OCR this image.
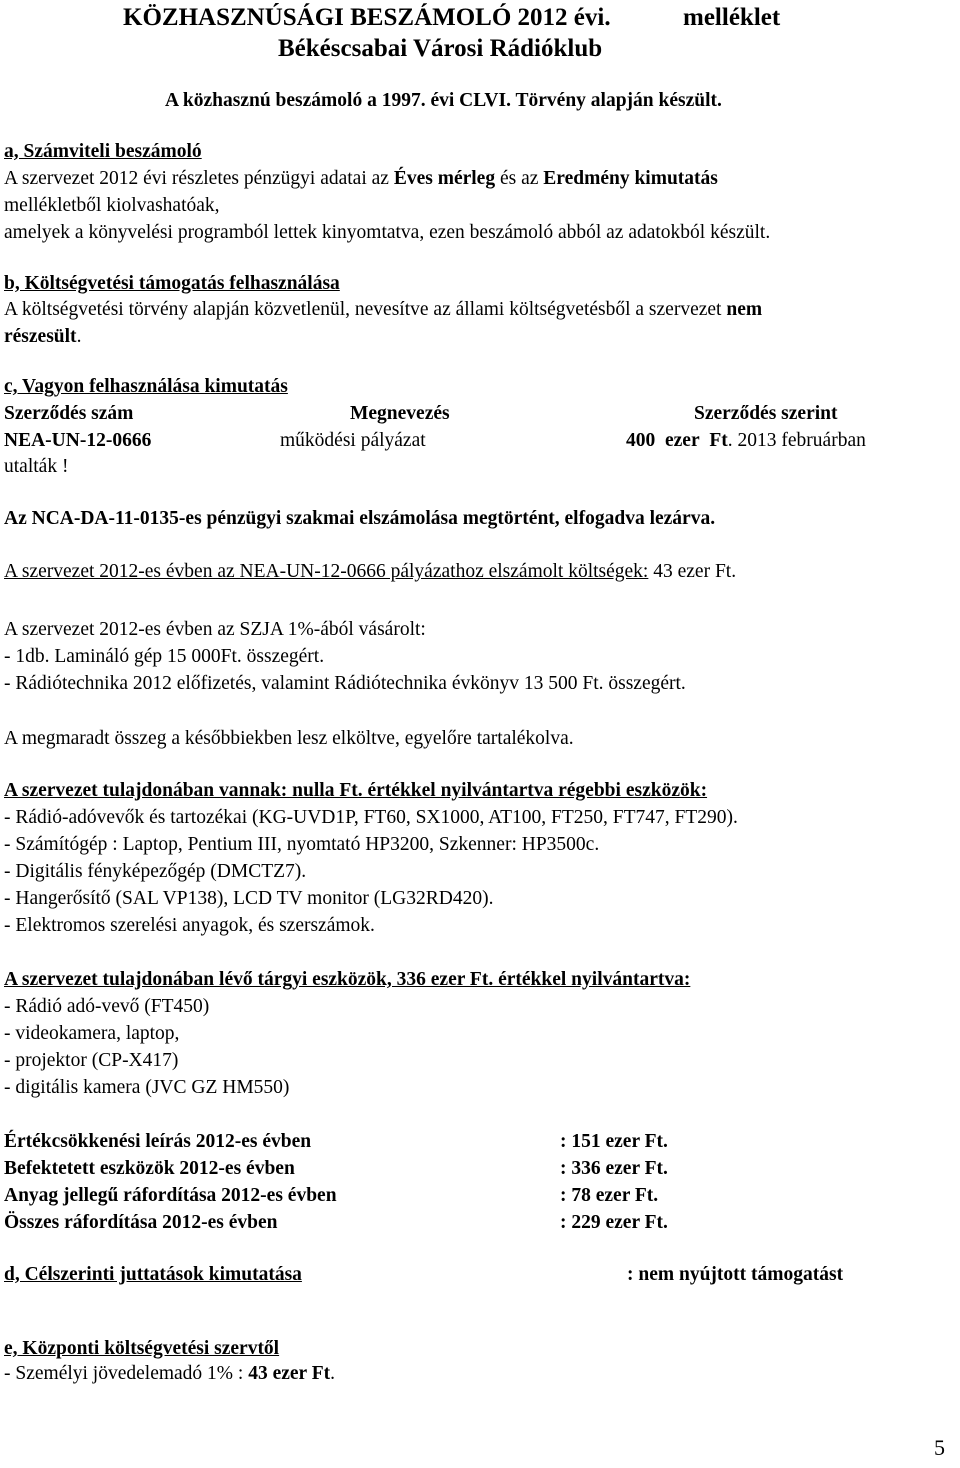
KÖZHASZNÚSÁGI BESZÁMOLÓ 2012 évi.	melléklet
Békéscsabai Városi Rádióklub
A közhasznú beszámoló a 1997. évi CLVI. Törvény alapján készült.
a, Számviteli beszámoló
A szervezet 2012 évi részletes pénzügyi adatai az Éves mérleg és az Eredmény kimutatás
mellékletből kiolvashatóak,
amelyek a könyvelési programból lettek kinyomtatva, ezen beszámoló abból az adatokból készült.
b, Költségvetési támogatás felhasználása
A költségvetési törvény alapján közvetlenül, nevesítve az állami költségvetésből a szervezet nem
részesült.
c, Vagyon felhasználása kimutatás
Szerződés szám	Megnevezés	Szerződés szerint
NEA-UN-12-0666	működési pályázat	400 ezer Ft. 2013 februárban
utalták !
Az NCA-DA-11-0135-es pénzügyi szakmai elszámolása megtörtént, elfogadva lezárva.
A szervezet 2012-es évben az NEA-UN-12-0666 pályázathoz elszámolt költségek: 43 ezer Ft.
A szervezet 2012-es évben az SZJA 1%-ából vásárolt:
- 1db. Lamináló gép 15 000Ft. összegért.
- Rádiótechnika 2012 előfizetés, valamint Rádiótechnika évkönyv 13 500 Ft. összegért.
A megmaradt összeg a későbbiekben lesz elköltve, egyelőre tartalékolva.
A szervezet tulajdonában vannak: nulla Ft. értékkel nyilvántartva régebbi eszközök:
- Rádió-adóvevők és tartozékai (KG-UVD1P, FT60, SX1000, AT100, FT250, FT747, FT290).
- Számítógép : Laptop, Pentium III, nyomtató HP3200, Szkenner: HP3500c.
- Digitális fényképezőgép (DMCTZ7).
- Hangerősítő (SAL VP138), LCD TV monitor (LG32RD420).
- Elektromos szerelési anyagok, és szerszámok.
A szervezet tulajdonában lévő tárgyi eszközök, 336 ezer Ft. értékkel nyilvántartva:
- Rádió adó-vevő (FT450)
- videokamera, laptop,
- projektor (CP-X417)
- digitális kamera (JVC GZ HM550)
Értékcsökkenési leírás 2012-es évben	: 151 ezer Ft.
Befektetett eszközök 2012-es évben	: 336 ezer Ft.
Anyag jellegű ráfordítása 2012-es évben	: 78 ezer Ft.
Összes ráfordítása 2012-es évben	: 229 ezer Ft.
d, Célszerinti juttatások kimutatása	: nem nyújtott támogatást
e, Központi költségvetési szervtől
- Személyi jövedelemadó 1% : 43 ezer Ft.
5
